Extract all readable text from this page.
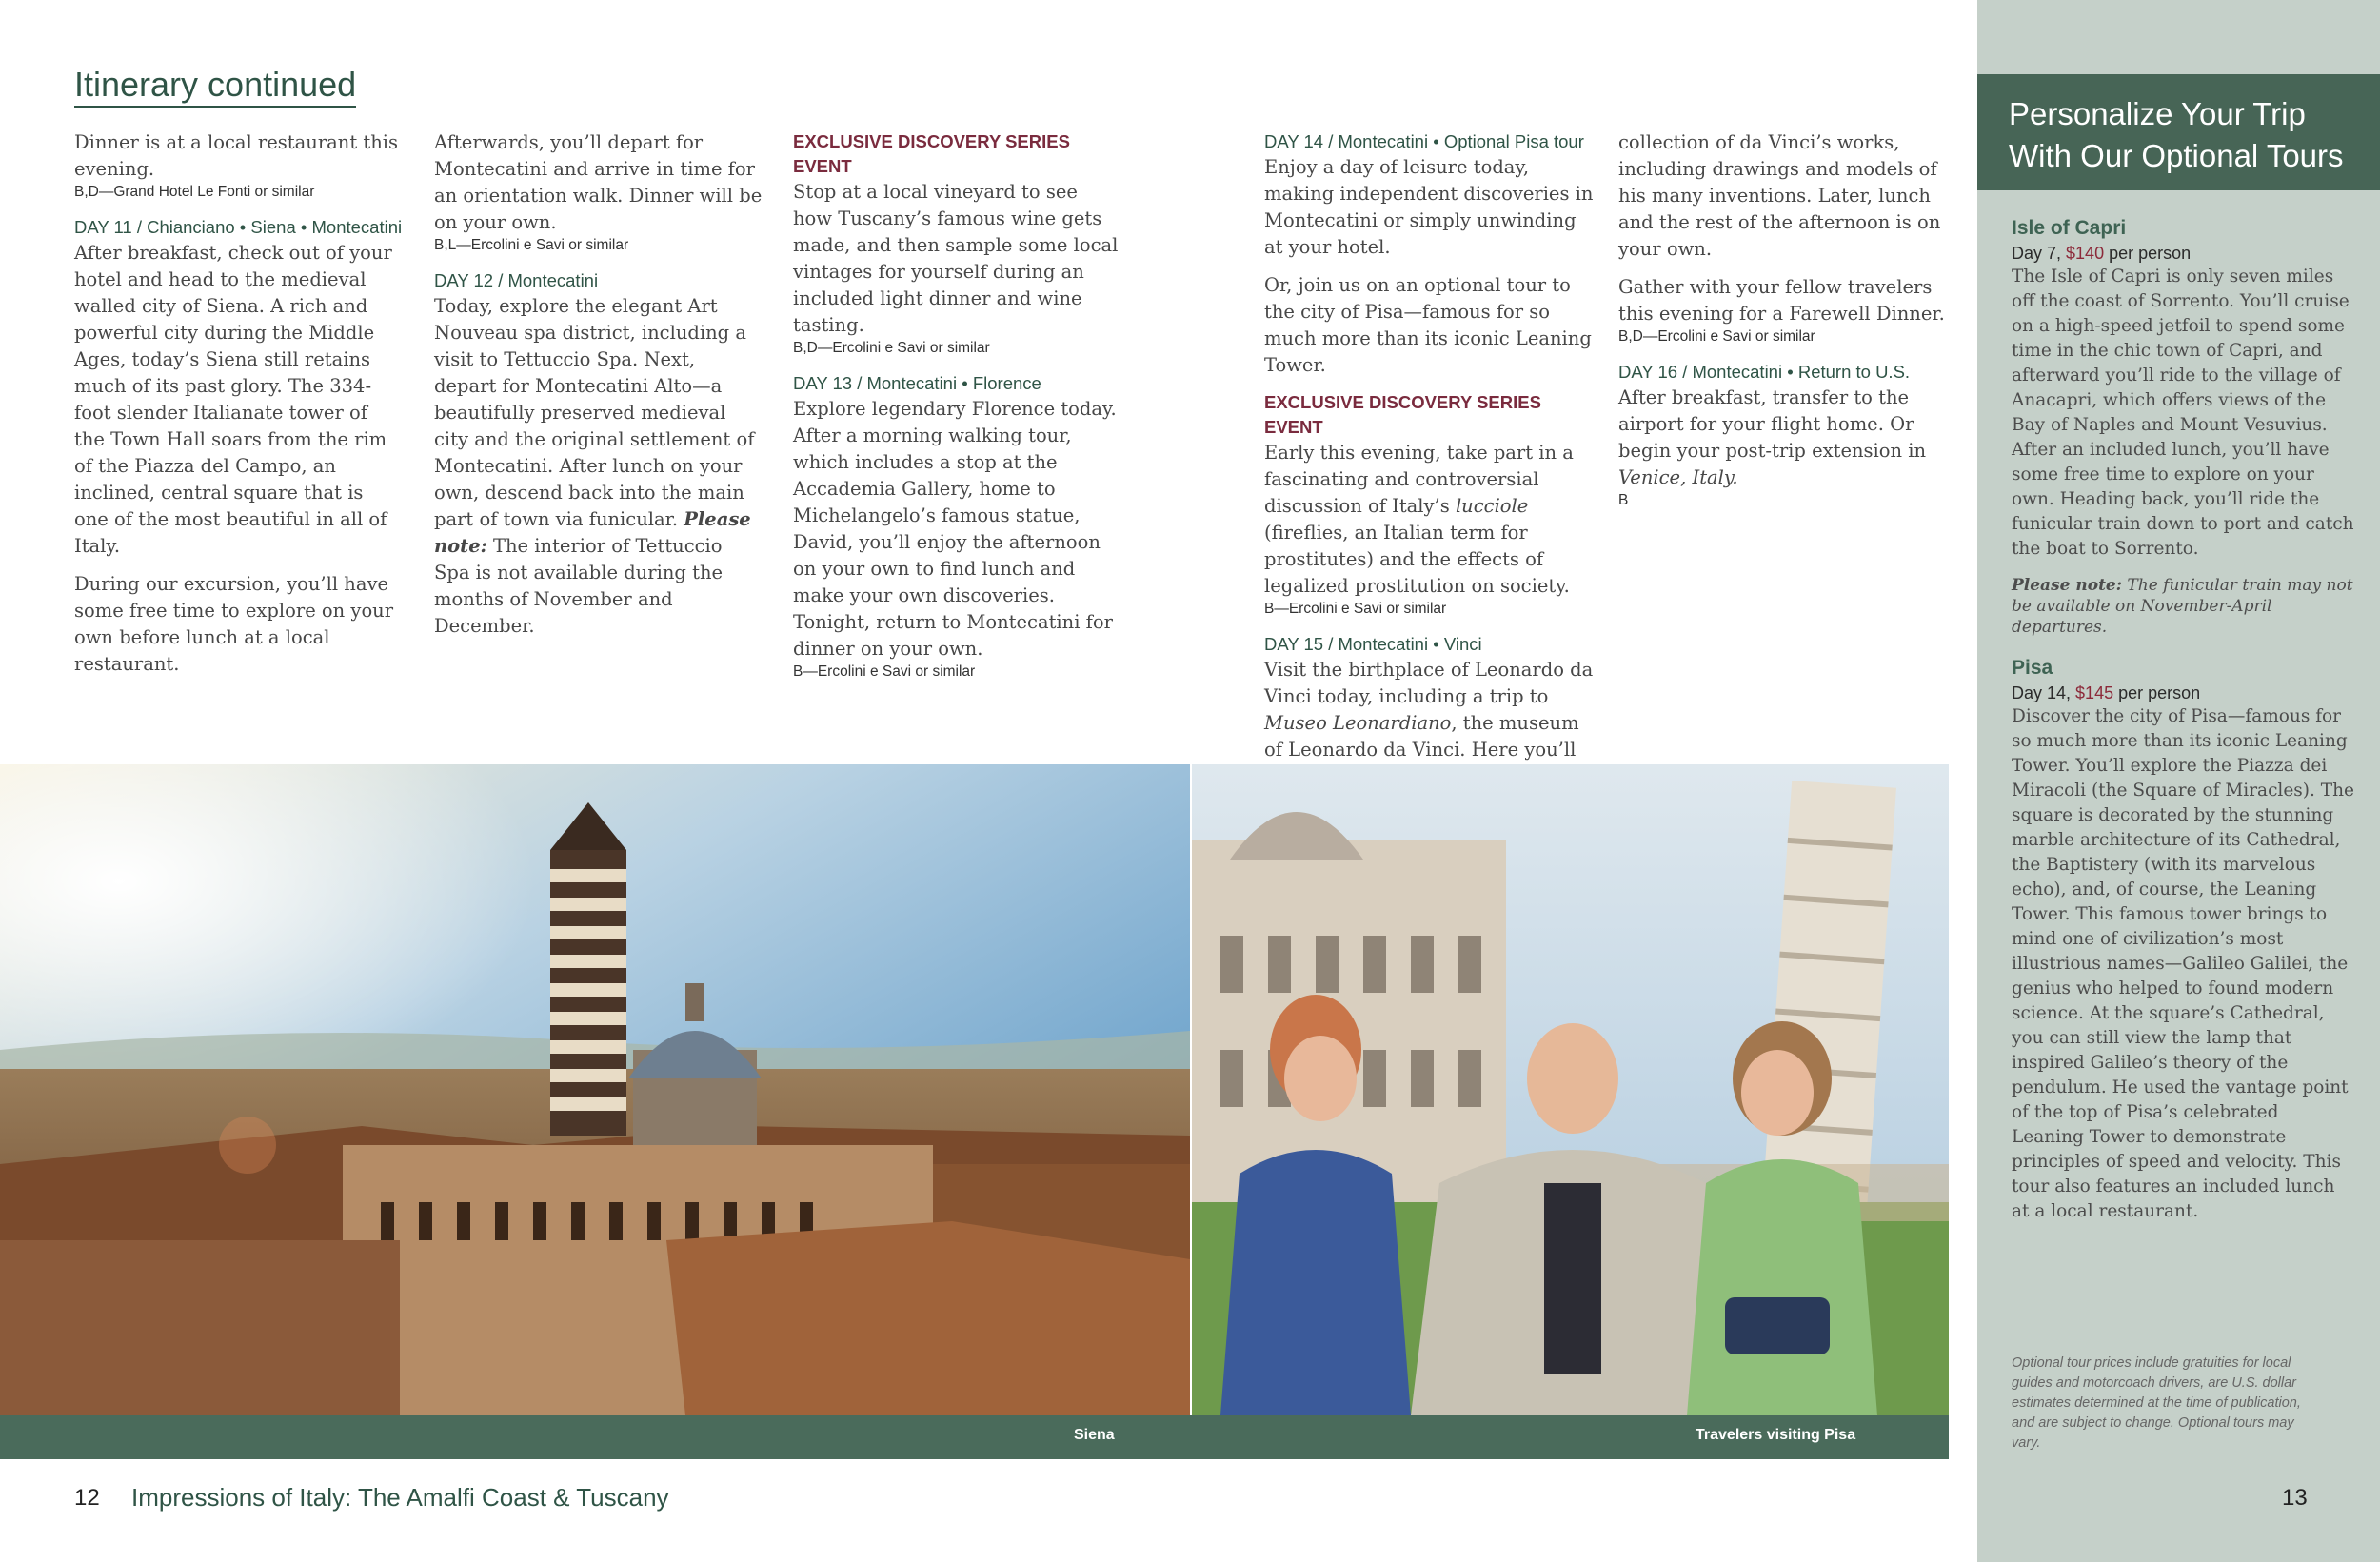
Itinerary continued

Dinner is at a local restaurant this evening.

B,D—Grand Hotel Le Fonti or similar
DAY 11 / Chianciano • Siena • Montecatini

After breakfast, check out of your hotel and head to the medieval walled city of Siena. A rich and powerful city during the Middle Ages, today’s Siena still retains much of its past glory. The 334-foot slender Italianate tower of the Town Hall soars from the rim of the Piazza del Campo, an inclined, central square that is one of the most beautiful in all of Italy.

During our excursion, you’ll have some free time to explore on your own before lunch at a local restaurant.

Afterwards, you’ll depart for Montecatini and arrive in time for an orientation walk. Dinner will be on your own.

B,L—Ercolini e Savi or similar
DAY 12 / Montecatini

Today, explore the elegant Art Nouveau spa district, including a visit to Tettuccio Spa. Next, depart for Montecatini Alto—a beautifully preserved medieval city and the original settlement of Montecatini. After lunch on your own, descend back into the main part of town via funicular. Please note: The interior of Tettuccio Spa is not available during the months of November and December.

EXCLUSIVE DISCOVERY SERIES EVENT

Stop at a local vineyard to see how Tuscany’s famous wine gets made, and then sample some local vintages for yourself during an included light dinner and wine tasting.

B,D—Ercolini e Savi or similar
DAY 13 / Montecatini • Florence

Explore legendary Florence today. After a morning walking tour, which includes a stop at the Accademia Gallery, home to Michelangelo’s famous statue, David, you’ll enjoy the afternoon on your own to find lunch and make your own discoveries. Tonight, return to Montecatini for dinner on your own.

B—Ercolini e Savi or similar
DAY 14 / Montecatini • Optional Pisa tour

Enjoy a day of leisure today, making independent discoveries in Montecatini or simply unwinding at your hotel.

Or, join us on an optional tour to the city of Pisa—famous for so much more than its iconic Leaning Tower.

EXCLUSIVE DISCOVERY SERIES EVENT

Early this evening, take part in a fascinating and controversial discussion of Italy’s lucciole (fireflies, an Italian term for prostitutes) and the effects of legalized prostitution on society.

B—Ercolini e Savi or similar
DAY 15 / Montecatini • Vinci

Visit the birthplace of Leonardo da Vinci today, including a trip to Museo Leonardiano, the museum of Leonardo da Vinci. Here you’ll

collection of da Vinci’s works, including drawings and models of his many inventions. Later, lunch and the rest of the afternoon is on your own.

Gather with your fellow travelers this evening for a Farewell Dinner.

B,D—Ercolini e Savi or similar
DAY 16 / Montecatini • Return to U.S.

After breakfast, transfer to the airport for your flight home. Or begin your post-trip extension in Venice, Italy.

B
Siena	Travelers visiting Pisa
12 Impressions of Italy: The Amalfi Coast & Tuscany
Personalize Your Trip
With Our Optional Tours
Isle of Capri
Day 7, $140 per person
The Isle of Capri is only seven miles off the coast of Sorrento. You’ll cruise on a high-speed jetfoil to spend some time in the chic town of Capri, and afterward you’ll ride to the village of Anacapri, which offers views of the Bay of Naples and Mount Vesuvius. After an included lunch, you’ll have some free time to explore on your own. Heading back, you’ll ride the funicular train down to port and catch the boat to Sorrento.
Please note: The funicular train may not be available on November-April departures.
Pisa
Day 14, $145 per person
Discover the city of Pisa—famous for so much more than its iconic Leaning Tower. You’ll explore the Piazza dei Miracoli (the Square of Miracles). The square is decorated by the stunning marble architecture of its Cathedral, the Baptistery (with its marvelous echo), and, of course, the Leaning Tower. This famous tower brings to mind one of civilization’s most illustrious names—Galileo Galilei, the genius who helped to found modern science. At the square’s Cathedral, you can still view the lamp that inspired Galileo’s theory of the pendulum. He used the vantage point of the top of Pisa’s celebrated Leaning Tower to demonstrate principles of speed and velocity. This tour also features an included lunch at a local restaurant.
Optional tour prices include gratuities for local guides and motorcoach drivers, are U.S. dollar estimates determined at the time of publication, and are subject to change. Optional tours may vary.
13
